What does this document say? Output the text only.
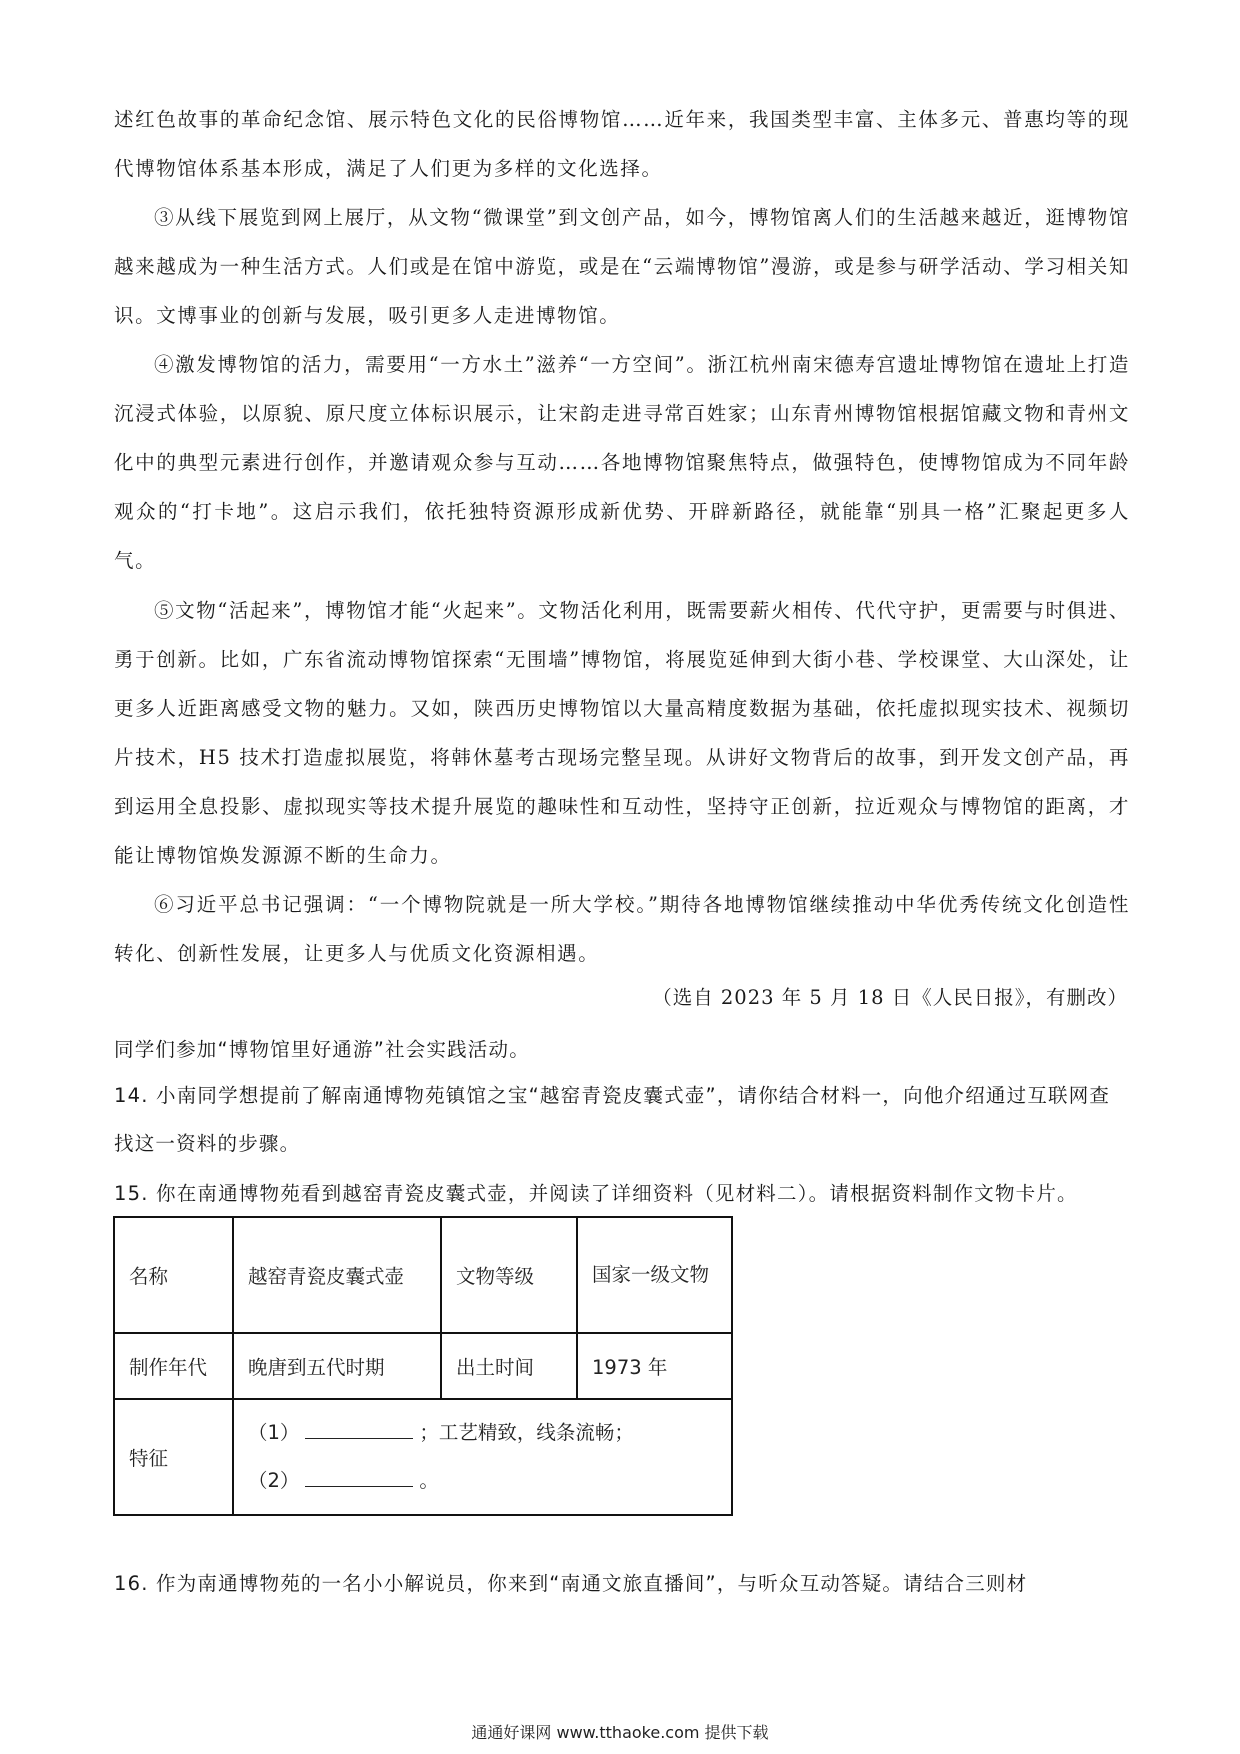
述红色故事的革命纪念馆、展示特色文化的民俗博物馆……近年来，我国类型丰富、主体多元、普惠均等的现代博物馆体系基本形成，满足了人们更为多样的文化选择。

③从线下展览到网上展厅，从文物“微课堂”到文创产品，如今，博物馆离人们的生活越来越近，逛博物馆越来越成为一种生活方式。人们或是在馆中游览，或是在“云端博物馆”漫游，或是参与研学活动、学习相关知识。文博事业的创新与发展，吸引更多人走进博物馆。

④激发博物馆的活力，需要用“一方水土”滋养“一方空间”。浙江杭州南宋德寿宫遗址博物馆在遗址上打造沉浸式体验，以原貌、原尺度立体标识展示，让宋韵走进寻常百姓家；山东青州博物馆根据馆藏文物和青州文化中的典型元素进行创作，并邀请观众参与互动……各地博物馆聚焦特点，做强特色，使博物馆成为不同年龄观众的“打卡地”。这启示我们，依托独特资源形成新优势、开辟新路径，就能靠“别具一格”汇聚起更多人气。

⑤文物“活起来”，博物馆才能“火起来”。文物活化利用，既需要薪火相传、代代守护，更需要与时俱进、勇于创新。比如，广东省流动博物馆探索“无围墙”博物馆，将展览延伸到大街小巷、学校课堂、大山深处，让更多人近距离感受文物的魅力。又如，陕西历史博物馆以大量高精度数据为基础，依托虚拟现实技术、视频切片技术，H5 技术打造虚拟展览，将韩休墓考古现场完整呈现。从讲好文物背后的故事，到开发文创产品，再到运用全息投影、虚拟现实等技术提升展览的趣味性和互动性，坚持守正创新，拉近观众与博物馆的距离，才能让博物馆焕发源源不断的生命力。

⑥习近平总书记强调：“一个博物院就是一所大学校。”期待各地博物馆继续推动中华优秀传统文化创造性转化、创新性发展，让更多人与优质文化资源相遇。

（选自 2023 年 5 月 18 日《人民日报》，有删改）

同学们参加“博物馆里好通游”社会实践活动。

14. 小南同学想提前了解南通博物苑镇馆之宝“越窑青瓷皮囊式壶”，请你结合材料一，向他介绍通过互联网查找这一资料的步骤。

15. 你在南通博物苑看到越窑青瓷皮囊式壶，并阅读了详细资料（见材料二）。请根据资料制作文物卡片。

名称	越窑青瓷皮囊式壶	文物等级	国家一级文物
制作年代	晚唐到五代时期	出土时间	1973 年
特征	（1） ；工艺精致，线条流畅；
（2） 。		

16. 作为南通博物苑的一名小小解说员，你来到“南通文旅直播间”，与听众互动答疑。请结合三则材

通通好课网 www.tthaoke.com 提供下载
